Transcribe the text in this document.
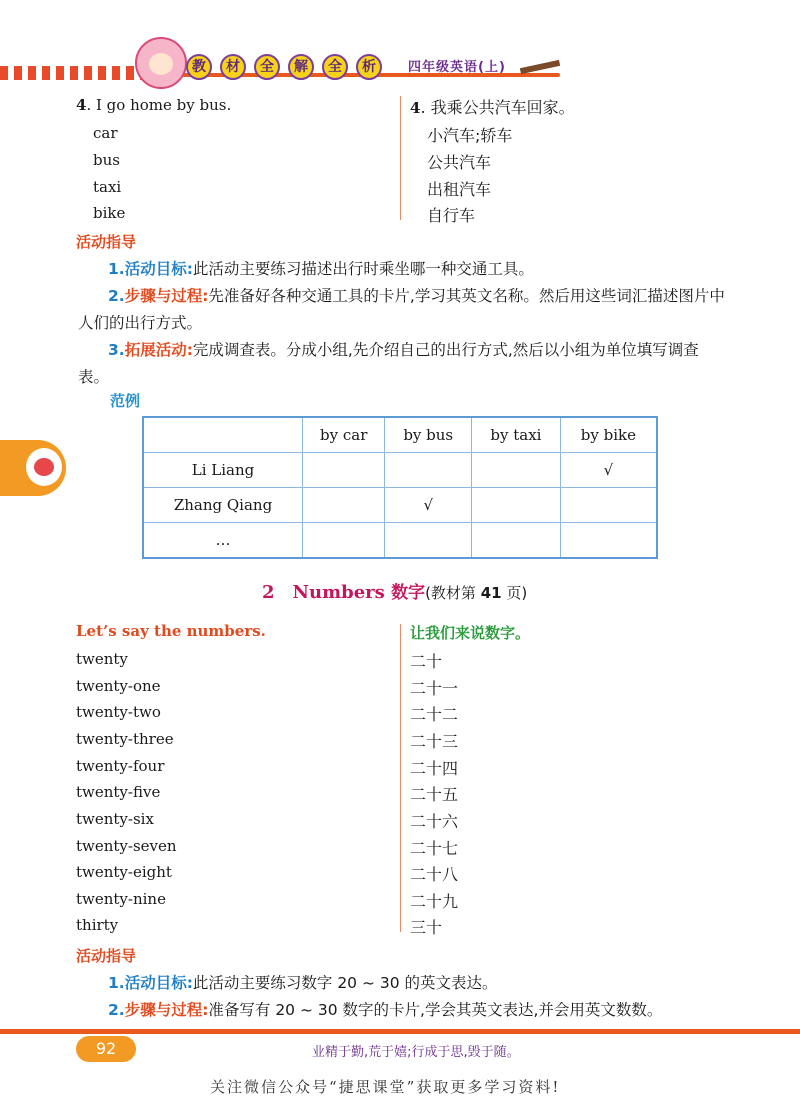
教	材	全	解	全	析	四年级英语(上)
4. I go home by bus.
car
bus
taxi
bike
4. 我乘公共汽车回家。
小汽车;轿车
公共汽车
出租汽车
自行车
活动指导
1.活动目标:此活动主要练习描述出行时乘坐哪一种交通工具。
2.步骤与过程:先准备好各种交通工具的卡片,学习其英文名称。然后用这些词汇描述图片中人们的出行方式。
3.拓展活动:完成调查表。分成小组,先介绍自己的出行方式,然后以小组为单位填写调查表。
范例
	by car	by bus	by taxi	by bike
Li Liang				√
Zhang Qiang		√		
…				
2 Numbers 数字(教材第 41 页)
Let’s say the numbers.	让我们来说数字。
twenty
twenty-one
twenty-two
twenty-three
twenty-four
twenty-five
twenty-six
twenty-seven
twenty-eight
twenty-nine
thirty
二十
二十一
二十二
二十三
二十四
二十五
二十六
二十七
二十八
二十九
三十
活动指导
1.活动目标:此活动主要练习数字 20 ~ 30 的英文表达。
2.步骤与过程:准备写有 20 ~ 30 数字的卡片,学会其英文表达,并会用英文数数。
92	业精于勤,荒于嬉;行成于思,毁于随。
关注微信公众号“捷思课堂”获取更多学习资料!
